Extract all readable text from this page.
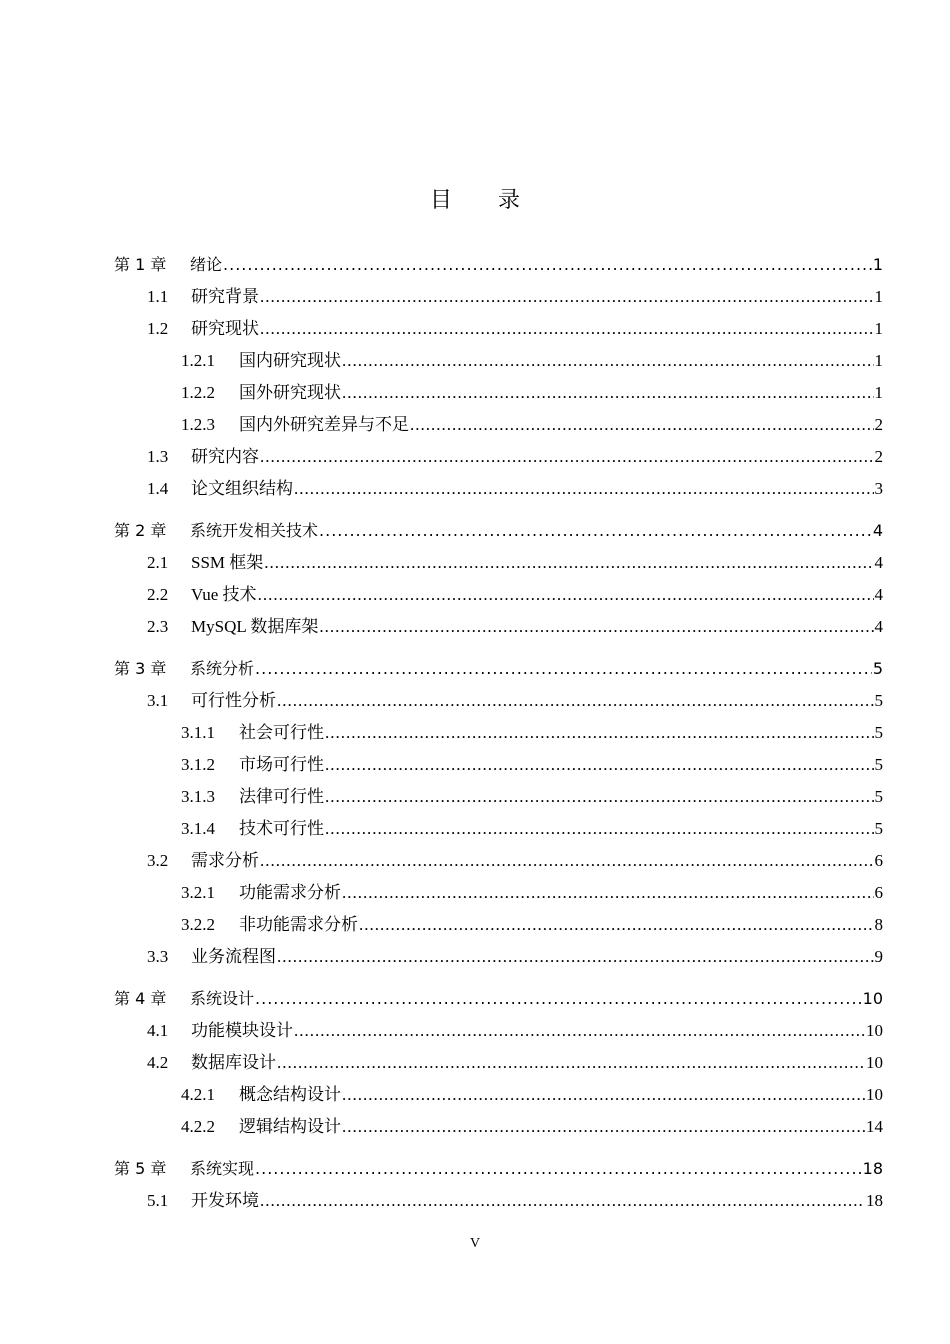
目 录
第 1 章	绪论 .....	1
1.1	研究背景 .....	1
1.2	研究现状 .....	1
1.2.1	国内研究现状 .....	1
1.2.2	国外研究现状 .....	1
1.2.3	国内外研究差异与不足 .....	2
1.3	研究内容 .....	2
1.4	论文组织结构 .....	3
第 2 章	系统开发相关技术 .....	4
2.1	SSM 框架 .....	4
2.2	Vue 技术 .....	4
2.3	MySQL 数据库架 .....	4
第 3 章	系统分析 .....	5
3.1	可行性分析 .....	5
3.1.1	社会可行性 .....	5
3.1.2	市场可行性 .....	5
3.1.3	法律可行性 .....	5
3.1.4	技术可行性 .....	5
3.2	需求分析 .....	6
3.2.1	功能需求分析 .....	6
3.2.2	非功能需求分析 .....	8
3.3	业务流程图 .....	9
第 4 章	系统设计 .....	10
4.1	功能模块设计 .....	10
4.2	数据库设计 .....	10
4.2.1	概念结构设计 .....	10
4.2.2	逻辑结构设计 .....	14
第 5 章	系统实现 .....	18
5.1	开发环境 .....	18
V
